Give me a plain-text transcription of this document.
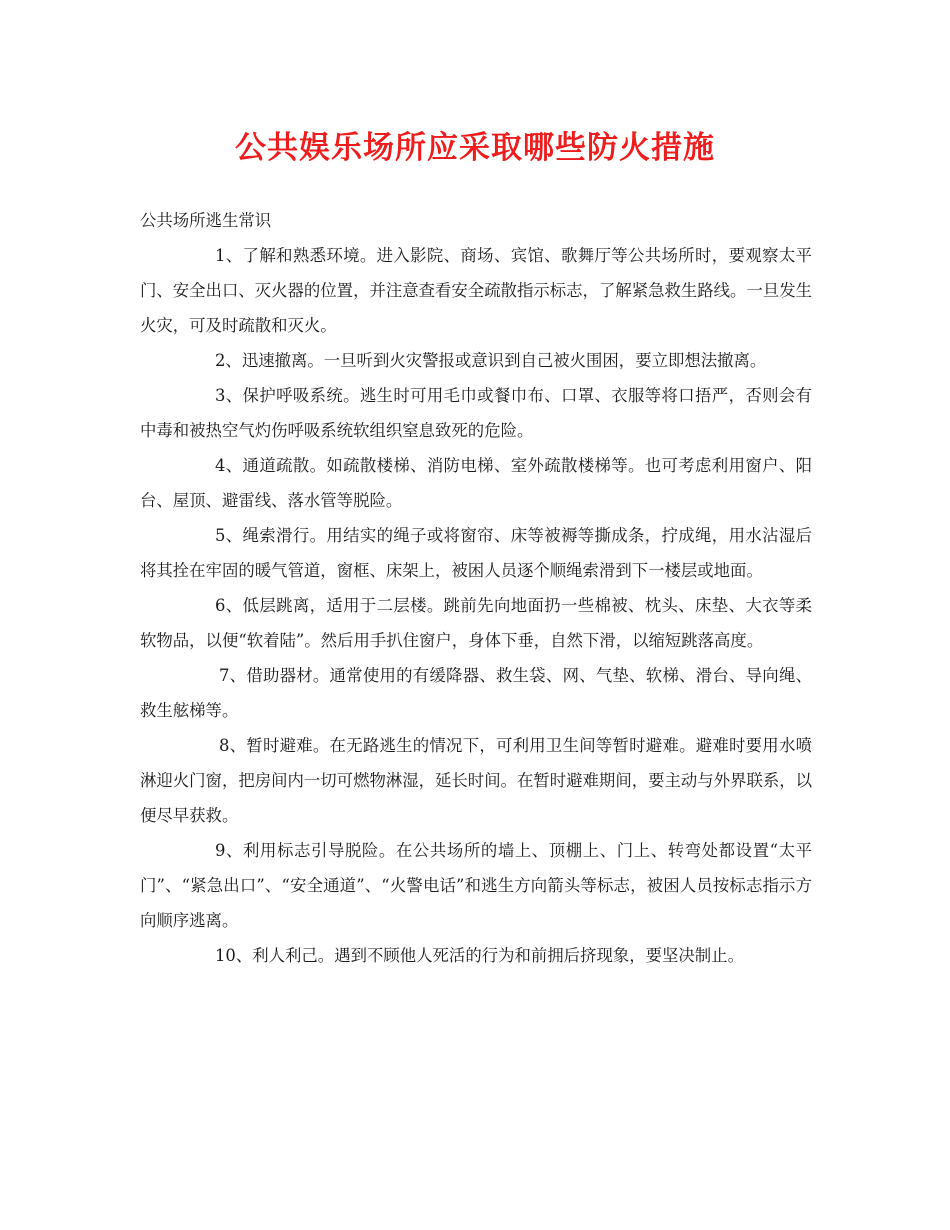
公共娱乐场所应采取哪些防火措施

公共场所逃生常识

1、了解和熟悉环境。进入影院、商场、宾馆、歌舞厅等公共场所时，要观察太平门、安全出口、灭火器的位置，并注意查看安全疏散指示标志，了解紧急救生路线。一旦发生火灾，可及时疏散和灭火。

2、迅速撤离。一旦听到火灾警报或意识到自己被火围困，要立即想法撤离。

3、保护呼吸系统。逃生时可用毛巾或餐巾布、口罩、衣服等将口捂严，否则会有中毒和被热空气灼伤呼吸系统软组织窒息致死的危险。

4、通道疏散。如疏散楼梯、消防电梯、室外疏散楼梯等。也可考虑利用窗户、阳台、屋顶、避雷线、落水管等脱险。

5、绳索滑行。用结实的绳子或将窗帘、床等被褥等撕成条，拧成绳，用水沾湿后将其拴在牢固的暖气管道，窗框、床架上，被困人员逐个顺绳索滑到下一楼层或地面。

6、低层跳离，适用于二层楼。跳前先向地面扔一些棉被、枕头、床垫、大衣等柔软物品，以便“软着陆”。然后用手扒住窗户，身体下垂，自然下滑，以缩短跳落高度。

7、借助器材。通常使用的有缓降器、救生袋、网、气垫、软梯、滑台、导向绳、救生舷梯等。

8、暂时避难。在无路逃生的情况下，可利用卫生间等暂时避难。避难时要用水喷淋迎火门窗，把房间内一切可燃物淋湿，延长时间。在暂时避难期间，要主动与外界联系，以便尽早获救。

9、利用标志引导脱险。在公共场所的墙上、顶棚上、门上、转弯处都设置“太平门”、“紧急出口”、“安全通道”、“火警电话”和逃生方向箭头等标志，被困人员按标志指示方向顺序逃离。

10、利人利己。遇到不顾他人死活的行为和前拥后挤现象，要坚决制止。
